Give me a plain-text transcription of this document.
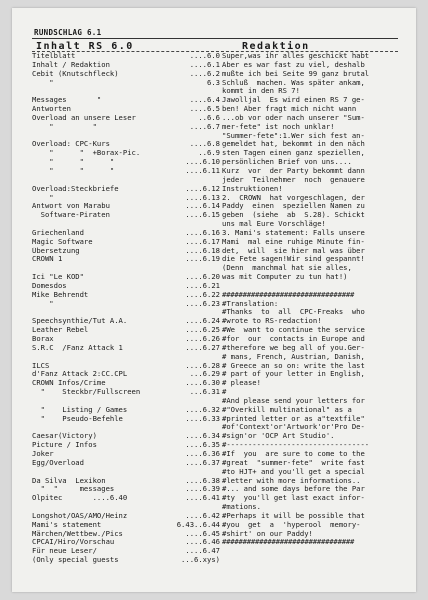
RUNDSCHLAG 6.1
Inhalt RS 6.0	Redaktion
Titelblatt	....6.0
Inhalt / Redaktion	....6.1
Cebit (Knutschfleck)	....6.2
"	6.3
Messages       "	....6.4
Antworten	....6.5
Overload an unsere Leser	..6.6
"         "	....6.7
Overload: CPC-Kurs	....6.8
"      "  +Borax-Pic.	..6.9
"      "      "	....6.10
"      "      "	....6.11
Overload:Steckbriefe	....6.12
"	....6.13
Antwort von Marabu	....6.14
Software-Piraten	....6.15
Griechenland	....6.16
Magic Software	....6.17
Übersetzung	....6.18
CROWN 1	....6.19
Ici "Le KOD"	....6.20
Domesdos	....6.21
Mike Behrendt	....6.22
"	....6.23
Speechsynthie/Tut A.A.	....6.24
Leather Rebel	....6.25
Borax	....6.26
S.R.C  /Fanz Attack 1	....6.27
ILCS	....6.28
d'Fanz Attack 2:CC.CPL	...6.29
CROWN Infos/Crime	....6.30
"    Steckbr/Fullscreen	...6.31
"    Listing / Games	....6.32
"    Pseudo-Befehle	....6.33
Caesar(Victory)	....6.34
Picture / Infos	....6.35
Joker	....6.36
Egg/Overload	....6.37
Da Silva  Lexikon	....6.38
"  "     messages	....6.39
Olpitec       ....6.40	....6.41
Longshot/OAS/AMO/Heinz	....6.42
Mami's statement	6.43..6.44
Märchen/Wettbew./Pics	....6.45
CPCAI/Hiro/Vorschau	....6.46
Für neue Leser/	....6.47
(Only special guests	...6.xys)
Super,was ihr alles geschickt habt
Aber es war fast zu viel, deshalb
mußte ich bei Seite 99 ganz brutal
Schluß  machen. Was später ankam,
kommt in den RS 7!
Jawolljal  Es wird einen RS 7 ge-
ben! Aber fragt mich nicht wann
...ob vor oder nach unserer "Sum-
mer-fete" ist noch unklar!
"Summer-fete":1.Wer sich fest an-
gemeldet hat, bekommt in den näch
sten Tagen einen ganz speziellen,
persönlichen Brief von uns....
Kurz  vor  der Party bekommt dann
jeder  Teilnehmer  noch  genauere
Instruktionen!
2.  CROWN  hat vorgeschlagen, der
Paddy  einen  speziellen Namen zu
geben  (siehe  ab  S.28). Schickt
uns mal Eure Vorschläge!
3. Mami's statement: Falls unsere
Mami  mal eine ruhige Minute fin-
det,  will  sie hier mal was über
die Fete sagen!Wir sind gespannt!
(Denn  manchmal hat sie alles,
was mit Computer zu tun hat!)
################################
#Translation:
#Thanks  to  all  CPC-Freaks  who
#wrote to RS-redaction!
#We  want to continue the service
#for  our  contacts in Europe and
#therefore we beg all of you.Ger-
# mans, French, Austrian, Danish,
# Greece an so on: write the last
# part of your letter in English,
# please!
#
#And please send your letters for
#"Overkill multinational" as a
#printed letter or as a"textfile"
#of'Context'or'Artwork'or'Pro De-
#sign'or 'OCP Art Studio'.
#---------------------------------
#If  you  are sure to come to the
#great  "summer-fete"  write fast
#to HJT+ and you'll get a special
#letter with more informations..
#... and some days before the Par
#ty  you'll get last exact infor-
#mations.
#Perhaps it will be possible that
#you  get  a  'hyperool  memory-
#shirt' on our Paddy!
################################
